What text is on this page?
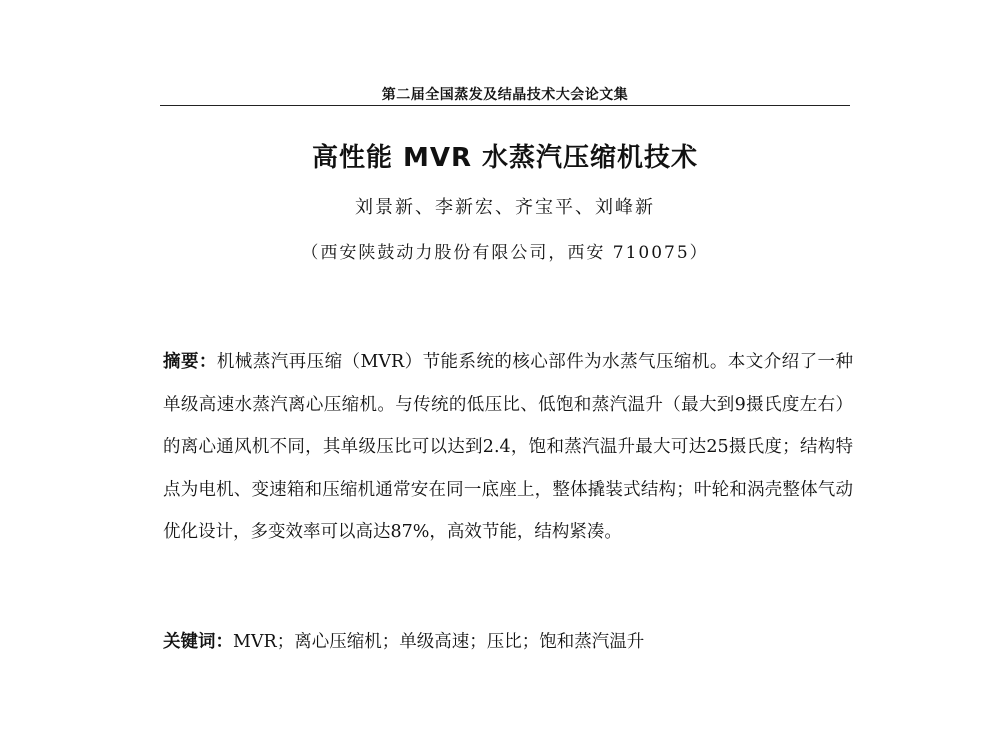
第二届全国蒸发及结晶技术大会论文集
高性能 MVR 水蒸汽压缩机技术
刘景新、李新宏、齐宝平、刘峰新
（西安陕鼓动力股份有限公司，西安 710075）

摘要：机械蒸汽再压缩（MVR）节能系统的核心部件为水蒸气压缩机。本文介绍了一种单级高速水蒸汽离心压缩机。与传统的低压比、低饱和蒸汽温升（最大到9摄氏度左右）的离心通风机不同，其单级压比可以达到2.4，饱和蒸汽温升最大可达25摄氏度；结构特点为电机、变速箱和压缩机通常安在同一底座上，整体撬装式结构；叶轮和涡壳整体气动优化设计，多变效率可以高达87%，高效节能，结构紧凑。

关键词：MVR；离心压缩机；单级高速；压比；饱和蒸汽温升
